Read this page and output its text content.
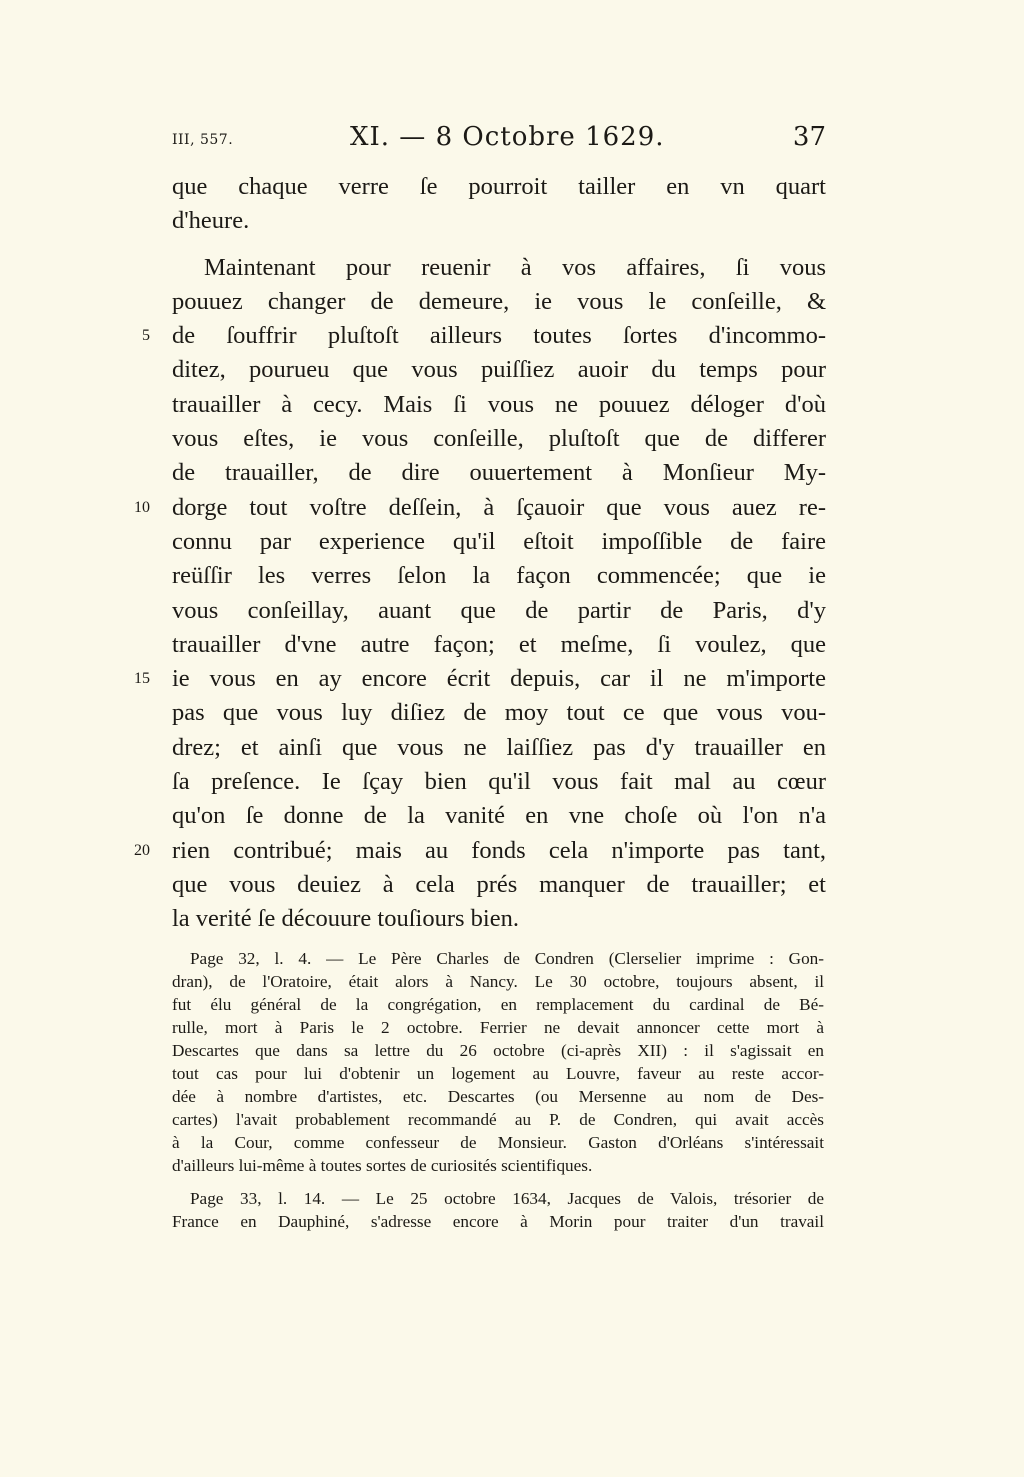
III, 557.	XI. — 8 Octobre 1629.	37
que chaque verre ſe pourroit tailler en vn quart
d'heure.
Maintenant pour reuenir à vos affaires, ſi vous
pouuez changer de demeure, ie vous le conſeille, &
5 de ſouffrir pluſtoſt ailleurs toutes ſortes d'incommo-
ditez, pourueu que vous puiſſiez auoir du temps pour
trauailler à cecy. Mais ſi vous ne pouuez déloger d'où
vous eſtes, ie vous conſeille, pluſtoſt que de differer
de trauailler, de dire ouuertement à Monſieur My-
10 dorge tout voſtre deſſein, à ſçauoir que vous auez re-
connu par experience qu'il eſtoit impoſſible de faire
reüſſir les verres ſelon la façon commencée; que ie
vous conſeillay, auant que de partir de Paris, d'y
trauailler d'vne autre façon; et meſme, ſi voulez, que
15 ie vous en ay encore écrit depuis, car il ne m'importe
pas que vous luy diſiez de moy tout ce que vous vou-
drez; et ainſi que vous ne laiſſiez pas d'y trauailler en
ſa preſence. Ie ſçay bien qu'il vous fait mal au cœur
qu'on ſe donne de la vanité en vne choſe où l'on n'a
20 rien contribué; mais au fonds cela n'importe pas tant,
que vous deuiez à cela prés manquer de trauailler; et
la verité ſe découure touſiours bien.
Page 32, l. 4. — Le Père Charles de Condren (Clerselier imprime : Gon-
dran), de l'Oratoire, était alors à Nancy. Le 30 octobre, toujours absent, il
fut élu général de la congrégation, en remplacement du cardinal de Bé-
rulle, mort à Paris le 2 octobre. Ferrier ne devait annoncer cette mort à
Descartes que dans sa lettre du 26 octobre (ci-après XII) : il s'agissait en
tout cas pour lui d'obtenir un logement au Louvre, faveur au reste accor-
dée à nombre d'artistes, etc. Descartes (ou Mersenne au nom de Des-
cartes) l'avait probablement recommandé au P. de Condren, qui avait accès
à la Cour, comme confesseur de Monsieur. Gaston d'Orléans s'intéressait
d'ailleurs lui-même à toutes sortes de curiosités scientifiques.
Page 33, l. 14. — Le 25 octobre 1634, Jacques de Valois, trésorier de
France en Dauphiné, s'adresse encore à Morin pour traiter d'un travail
